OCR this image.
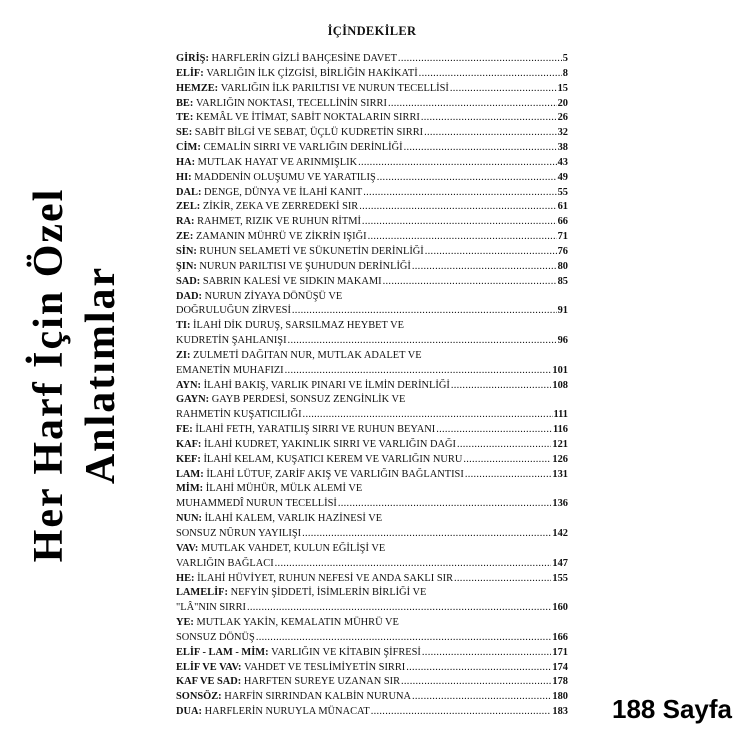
Her Harf İçin Özel Anlatımlar
İÇİNDEKİLER
GİRİŞ:
HARFLERİN GİZLİ BAHÇESİNE DAVET .....	5
ELİF:
VARLIĞIN İLK ÇİZGİSİ, BİRLİĞİN HAKİKATİ .....	8
HEMZE:
VARLIĞIN İLK PARILTISI VE NURUN TECELLİSİ .....	15
BE:
VARLIĞIN NOKTASI, TECELLİNİN SIRRI .....	20
TE:
KEMÂL VE İTİMAT, SABİT NOKTALARIN SIRRI .....	26
SE:
SABİT BİLGİ VE SEBAT, ÜÇLÜ KUDRETİN SIRRI .....	32
CİM:
CEMALİN SIRRI VE VARLIĞIN DERİNLİĞİ .....	38
HA:
MUTLAK HAYAT VE ARINMIŞLIK .....	43
HI:
MADDENİN OLUŞUMU VE YARATILIŞ .....	49
DAL:
DENGE, DÜNYA VE İLAHİ KANIT .....	55
ZEL:
ZİKİR, ZEKA VE ZERREDEKİ SIR .....	61
RA:
RAHMET, RIZIK VE RUHUN RİTMİ .....	66
ZE:
ZAMANIN MÜHRÜ VE ZİKRİN IŞIĞI .....	71
SİN:
RUHUN SELAMETİ VE SÜKUNETİN DERİNLİĞİ .....	76
ŞIN:
NURUN PARILTISI VE ŞUHUDUN DERİNLİĞİ .....	80
SAD:
SABRIN KALESİ VE SIDKIN MAKAMI .....	85
DAD:
NURUN ZİYAYA DÖNÜŞÜ VE
DOĞRULUĞUN ZİRVESİ .....	91
TI:
İLAHİ DİK DURUŞ, SARSILMAZ HEYBET VE
KUDRETİN ŞAHLANIŞI .....	96
ZI:
ZULMETİ DAĞITAN NUR, MUTLAK ADALET VE
EMANETİN MUHAFIZI .....	101
AYN:
İLAHİ BAKIŞ, VARLIK PINARI VE İLMİN DERİNLİĞİ .....	108
GAYN:
GAYB PERDESİ, SONSUZ ZENGİNLİK VE
RAHMETİN KUŞATICILIĞI .....	111
FE:
İLAHİ FETH, YARATILIŞ SIRRI VE RUHUN BEYANI .....	116
KAF:
İLAHİ KUDRET, YAKINLIK SIRRI VE VARLIĞIN DAĞI .....	121
KEF:
İLAHİ KELAM, KUŞATICI KEREM VE VARLIĞIN NURU .....	126
LAM:
İLAHİ LÜTUF, ZARİF AKIŞ VE VARLIĞIN BAĞLANTISI .....	131
MİM:
İLAHİ MÜHÜR, MÜLK ALEMİ VE
MUHAMMEDÎ NURUN TECELLİSİ .....	136
NUN:
İLAHİ KALEM, VARLIK HAZİNESİ VE
SONSUZ NÛRUN YAYILIŞI .....	142
VAV:
MUTLAK VAHDET, KULUN EĞİLİŞİ VE
VARLIĞIN BAĞLACI .....	147
HE:
İLAHİ HÜVİYET, RUHUN NEFESİ VE ANDA SAKLI SIR .....	155
LAMELİF:
NEFYİN ŞİDDETİ, İSİMLERİN BİRLİĞİ VE
"LÂ"NIN SIRRI .....	160
YE:
MUTLAK YAKİN, KEMALATIN MÜHRÜ VE
SONSUZ DÖNÜŞ .....	166
ELİF - LAM - MİM:
VARLIĞIN VE KİTABIN ŞİFRESİ .....	171
ELİF VE VAV:
VAHDET VE TESLİMİYETİN SIRRI .....	174
KAF VE SAD:
HARFTEN SUREYE UZANAN SIR .....	178
SONSÖZ:
HARFİN SIRRINDAN KALBİN NURUNA .....	180
DUA:
HARFLERİN NURUYLA MÜNACAT .....	183 188 Sayfa
